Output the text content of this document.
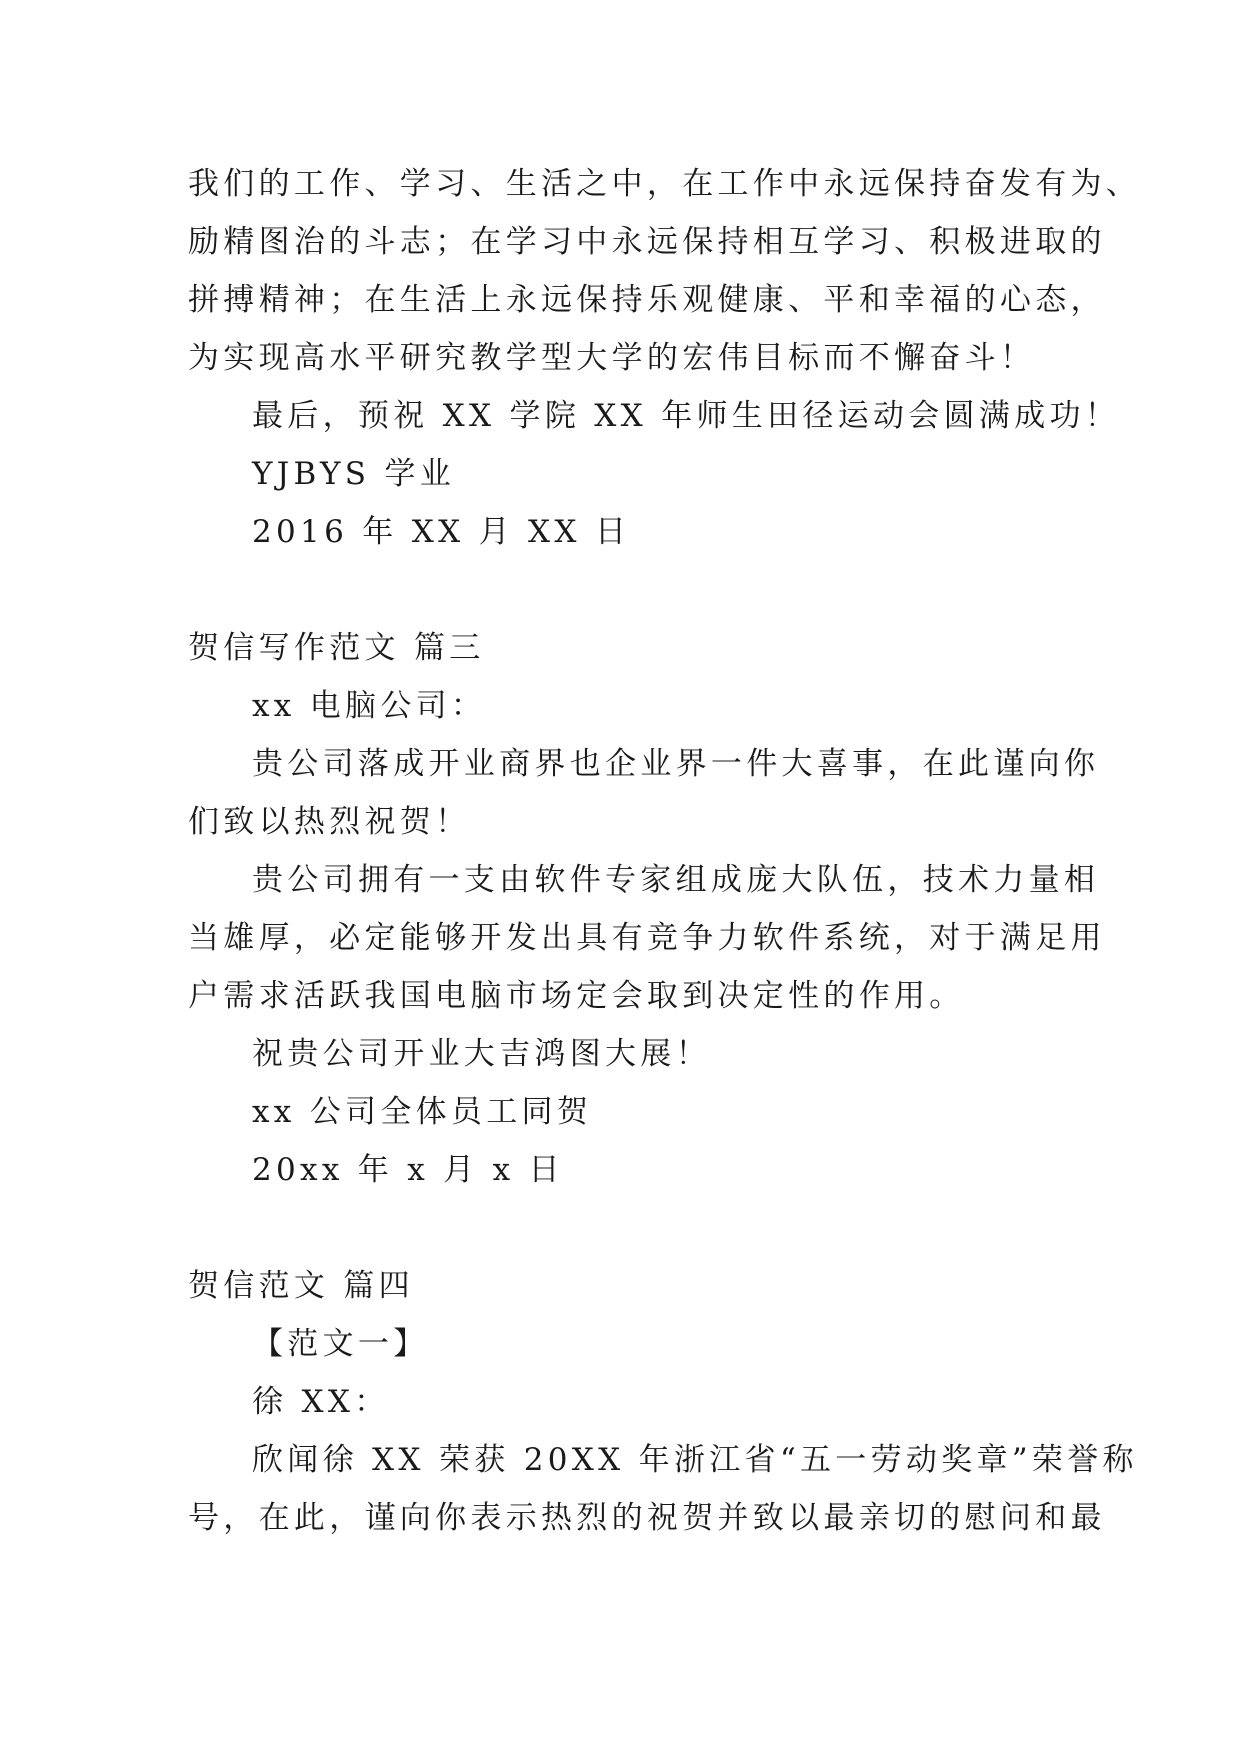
我们的工作、学习、生活之中，在工作中永远保持奋发有为、

励精图治的斗志；在学习中永远保持相互学习、积极进取的

拼搏精神；在生活上永远保持乐观健康、平和幸福的心态，

为实现高水平研究教学型大学的宏伟目标而不懈奋斗！

最后，预祝 XX 学院 XX 年师生田径运动会圆满成功！

YJBYS 学业

2016 年 XX 月 XX 日

贺信写作范文 篇三

xx 电脑公司：

贵公司落成开业商界也企业界一件大喜事，在此谨向你

们致以热烈祝贺！

贵公司拥有一支由软件专家组成庞大队伍，技术力量相

当雄厚，必定能够开发出具有竞争力软件系统，对于满足用

户需求活跃我国电脑市场定会取到决定性的作用。

祝贵公司开业大吉鸿图大展！

xx 公司全体员工同贺

20xx 年 x 月 x 日

贺信范文 篇四

【范文一】

徐 XX：

欣闻徐 XX 荣获 20XX 年浙江省“五一劳动奖章”荣誉称

号，在此，谨向你表示热烈的祝贺并致以最亲切的慰问和最
